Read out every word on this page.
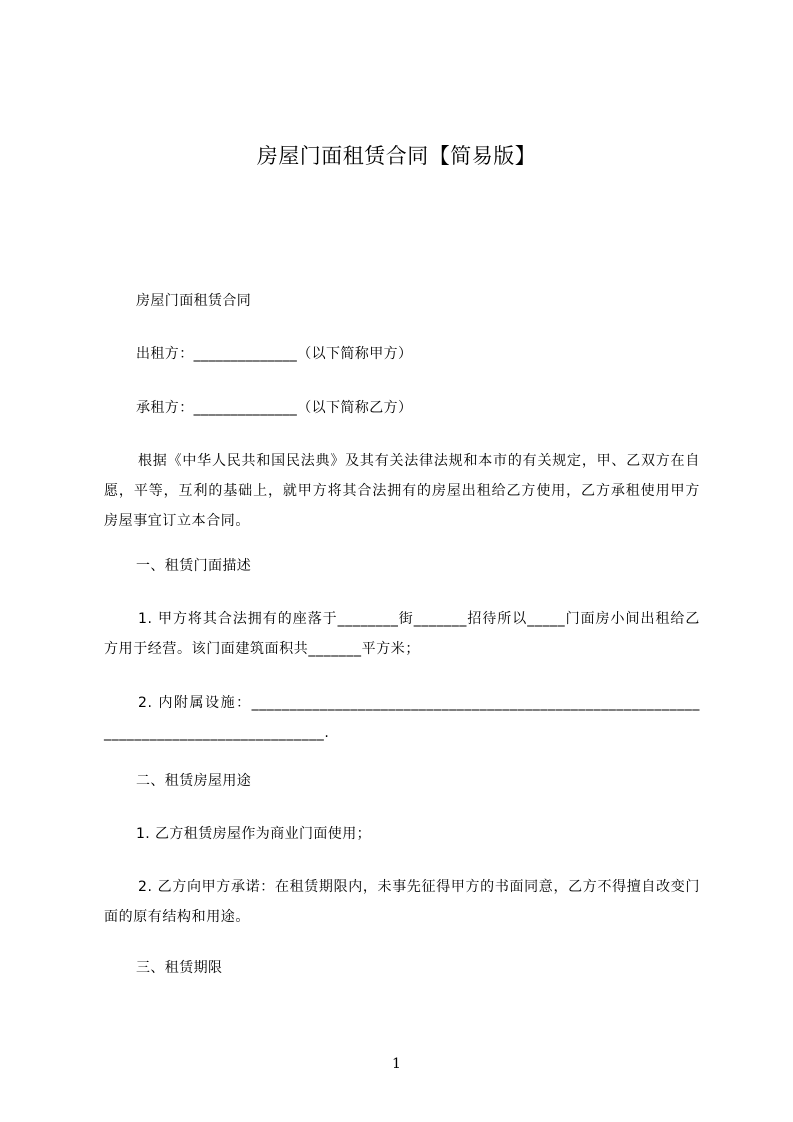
房屋门面租赁合同【简易版】
房屋门面租赁合同
出租方：______________（以下简称甲方）
承租方：______________（以下简称乙方）
根据《中华人民共和国民法典》及其有关法律法规和本市的有关规定，甲、乙双方在自愿，平等，互利的基础上，就甲方将其合法拥有的房屋出租给乙方使用，乙方承租使用甲方房屋事宜订立本合同。
一、租赁门面描述
1. 甲方将其合法拥有的座落于________街_______招待所以_____门面房小间出租给乙方用于经营。该门面建筑面积共_______平方米；
2. 内附属设施：________________________________________________________________________________________.
二、租赁房屋用途
1. 乙方租赁房屋作为商业门面使用；
2. 乙方向甲方承诺：在租赁期限内，未事先征得甲方的书面同意，乙方不得擅自改变门面的原有结构和用途。
三、租赁期限
1
